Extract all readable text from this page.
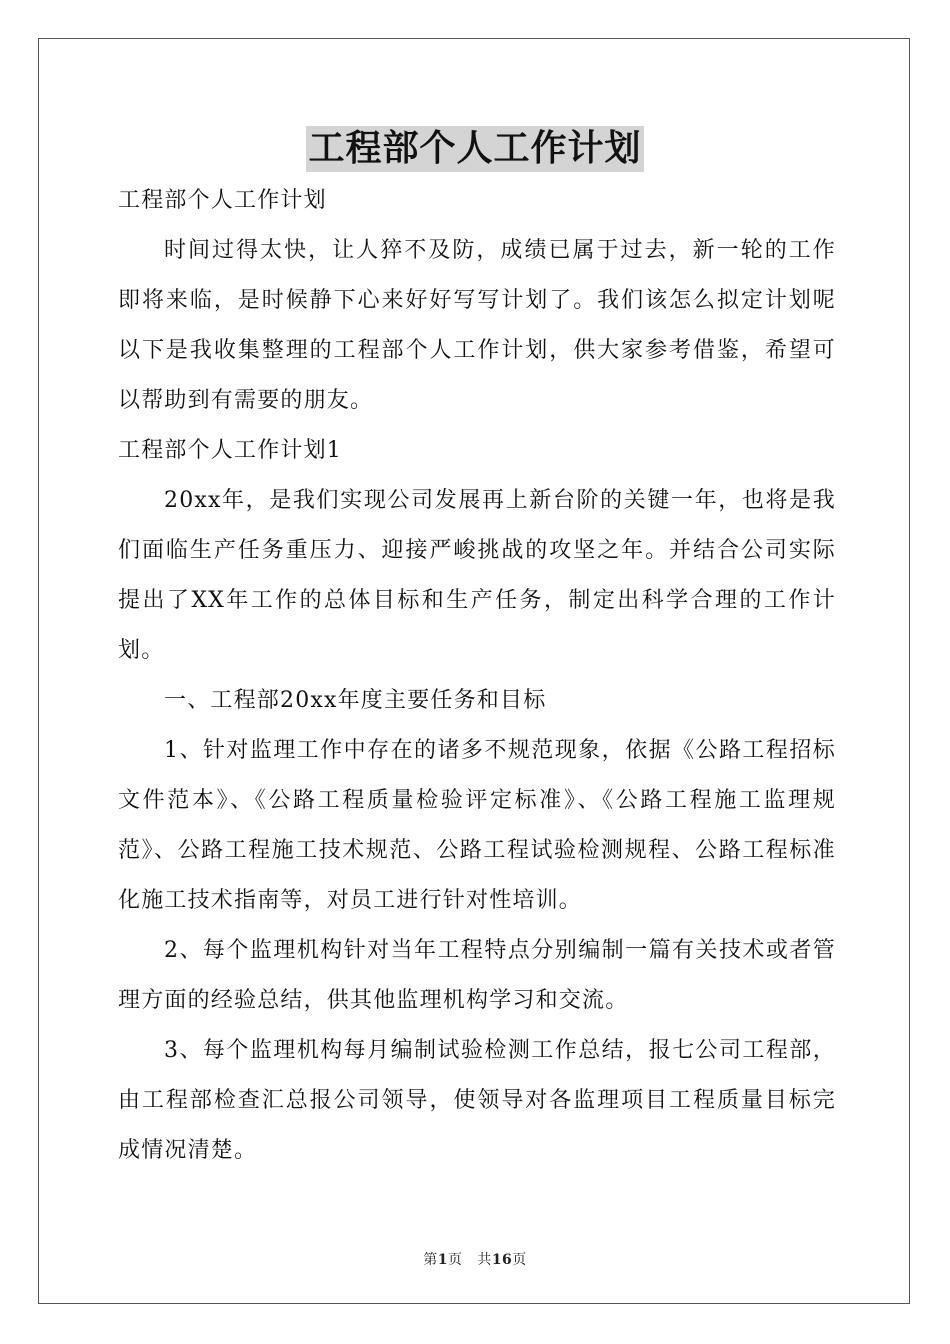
工程部个人工作计划

工程部个人工作计划

时间过得太快，让人猝不及防，成绩已属于过去，新一轮的工作即将来临，是时候静下心来好好写写计划了。我们该怎么拟定计划呢以下是我收集整理的工程部个人工作计划，供大家参考借鉴，希望可以帮助到有需要的朋友。

工程部个人工作计划1

20xx年，是我们实现公司发展再上新台阶的关键一年，也将是我们面临生产任务重压力、迎接严峻挑战的攻坚之年。并结合公司实际提出了XX年工作的总体目标和生产任务，制定出科学合理的工作计划。

一、工程部20xx年度主要任务和目标

1、针对监理工作中存在的诸多不规范现象，依据《公路工程招标文件范本》、《公路工程质量检验评定标准》、《公路工程施工监理规范》、公路工程施工技术规范、公路工程试验检测规程、公路工程标准化施工技术指南等，对员工进行针对性培训。

2、每个监理机构针对当年工程特点分别编制一篇有关技术或者管理方面的经验总结，供其他监理机构学习和交流。

3、每个监理机构每月编制试验检测工作总结，报七公司工程部，由工程部检查汇总报公司领导，使领导对各监理项目工程质量目标完成情况清楚。

第1页 共16页
